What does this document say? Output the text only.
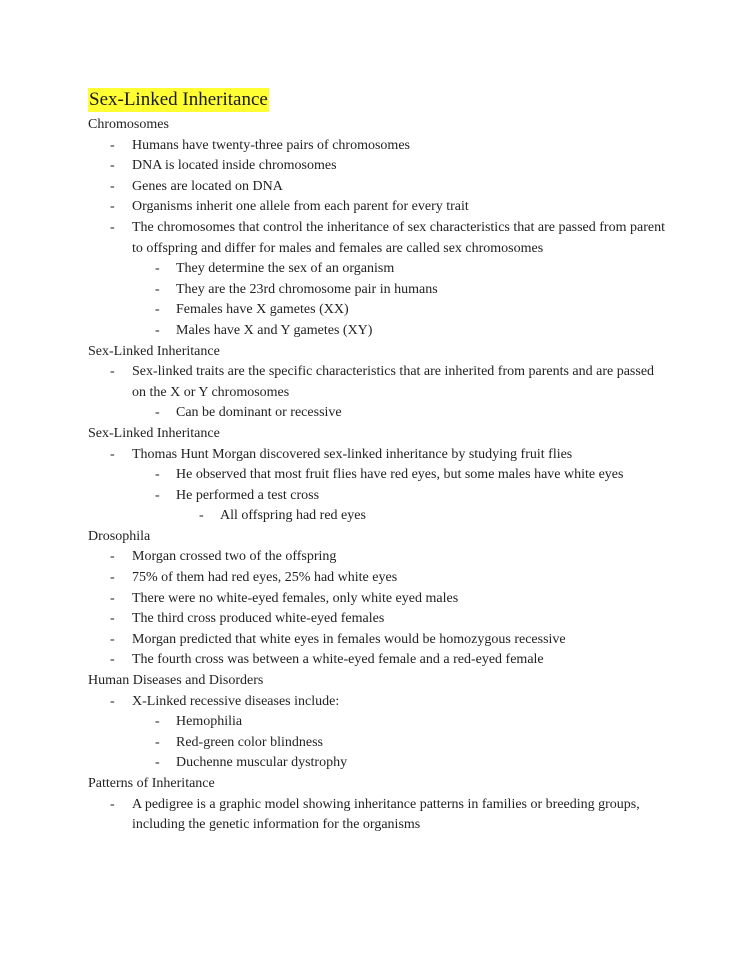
Sex-Linked Inheritance
Chromosomes
- Humans have twenty-three pairs of chromosomes
- DNA is located inside chromosomes
- Genes are located on DNA
- Organisms inherit one allele from each parent for every trait
- The chromosomes that control the inheritance of sex characteristics that are passed from parent to offspring and differ for males and females are called sex chromosomes
- They determine the sex of an organism
- They are the 23rd chromosome pair in humans
- Females have X gametes (XX)
- Males have X and Y gametes (XY)
Sex-Linked Inheritance
- Sex-linked traits are the specific characteristics that are inherited from parents and are passed on the X or Y chromosomes
- Can be dominant or recessive
Sex-Linked Inheritance
- Thomas Hunt Morgan discovered sex-linked inheritance by studying fruit flies
- He observed that most fruit flies have red eyes, but some males have white eyes
- He performed a test cross
- All offspring had red eyes
Drosophila
- Morgan crossed two of the offspring
- 75% of them had red eyes, 25% had white eyes
- There were no white-eyed females, only white eyed males
- The third cross produced white-eyed females
- Morgan predicted that white eyes in females would be homozygous recessive
- The fourth cross was between a white-eyed female and a red-eyed female
Human Diseases and Disorders
- X-Linked recessive diseases include:
- Hemophilia
- Red-green color blindness
- Duchenne muscular dystrophy
Patterns of Inheritance
- A pedigree is a graphic model showing inheritance patterns in families or breeding groups, including the genetic information for the organisms
